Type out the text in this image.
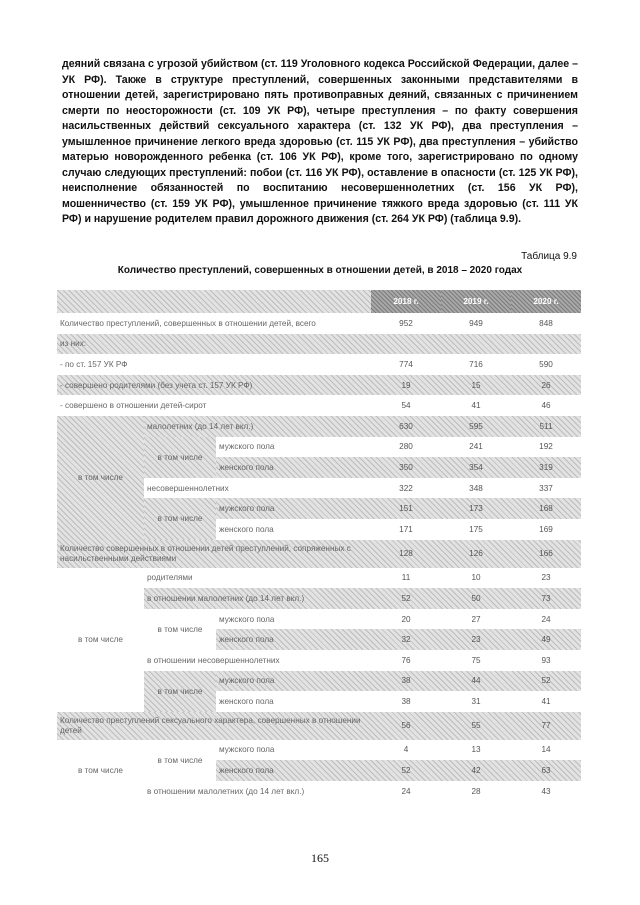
деяний связана с угрозой убийством (ст. 119 Уголовного кодекса Российской Федерации, далее – УК РФ). Также в структуре преступлений, совершенных законными представителями в отношении детей, зарегистрировано пять противоправных деяний, связанных с причинением смерти по неосторожности (ст. 109 УК РФ), четыре преступления – по факту совершения насильственных действий сексуального характера (ст. 132 УК РФ), два преступления – умышленное причинение легкого вреда здоровью (ст. 115 УК РФ), два преступления – убийство матерью новорожденного ребенка (ст. 106 УК РФ), кроме того, зарегистрировано по одному случаю следующих преступлений: побои (ст. 116 УК РФ), оставление в опасности (ст. 125 УК РФ), неисполнение обязанностей по воспитанию несовершеннолетних (ст. 156 УК РФ), мошенничество (ст. 159 УК РФ), умышленное причинение тяжкого вреда здоровью (ст. 111 УК РФ) и нарушение родителем правил дорожного движения (ст. 264 УК РФ) (таблица 9.9).
Таблица 9.9
Количество преступлений, совершенных в отношении детей, в 2018 – 2020 годах
			2018 г.	2019 г.	2020 г.
Количество преступлений, совершенных в отношении детей, всего			952	949	848
из них:					
- по ст. 157 УК РФ			774	716	590
- совершено родителями (без учета ст. 157 УК РФ)			19	15	26
- совершено в отношении детей-сирот			54	41	46
в том числе	малолетних (до 14 лет вкл.)		630	595	511
	в том числе	мужского пола	280	241	192
		женского пола	350	354	319
	несовершеннолетних		322	348	337
	в том числе	мужского пола	151	173	168
		женского пола	171	175	169
Количество совершенных в отношении детей преступлений, сопряженных с насильственными действиями			128	126	166
в том числе	родителями		11	10	23
	в отношении малолетних (до 14 лет вкл.)		52	50	73
	в том числе	мужского пола	20	27	24
		женского пола	32	23	49
	в отношении несовершеннолетних		76	75	93
	в том числе	мужского пола	38	44	52
		женского пола	38	31	41
Количество преступлений сексуального характера, совершенных в отношении детей			56	55	77
в том числе	в том числе	мужского пола	4	13	14
		женского пола	52	42	63
	в отношении малолетних (до 14 лет вкл.)		24	28	43
165
